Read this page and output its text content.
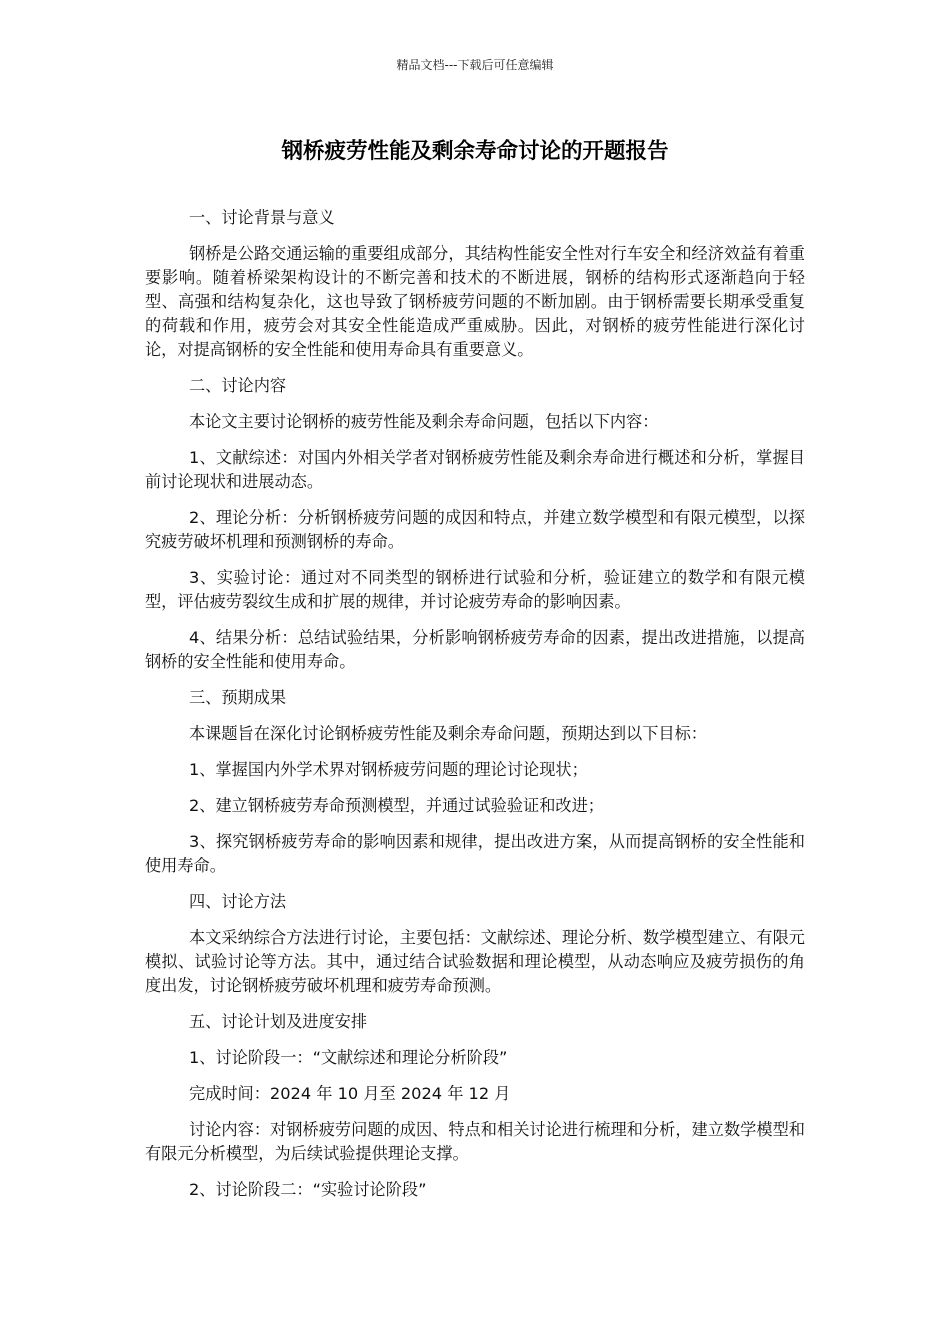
精品文档---下载后可任意编辑
钢桥疲劳性能及剩余寿命讨论的开题报告

一、讨论背景与意义

钢桥是公路交通运输的重要组成部分，其结构性能安全性对行车安全和经济效益有着重要影响。随着桥梁架构设计的不断完善和技术的不断进展，钢桥的结构形式逐渐趋向于轻型、高强和结构复杂化，这也导致了钢桥疲劳问题的不断加剧。由于钢桥需要长期承受重复的荷载和作用，疲劳会对其安全性能造成严重威胁。因此，对钢桥的疲劳性能进行深化讨论，对提高钢桥的安全性能和使用寿命具有重要意义。

二、讨论内容

本论文主要讨论钢桥的疲劳性能及剩余寿命问题，包括以下内容：

1、文献综述：对国内外相关学者对钢桥疲劳性能及剩余寿命进行概述和分析，掌握目前讨论现状和进展动态。

2、理论分析：分析钢桥疲劳问题的成因和特点，并建立数学模型和有限元模型，以探究疲劳破坏机理和预测钢桥的寿命。

3、实验讨论：通过对不同类型的钢桥进行试验和分析，验证建立的数学和有限元模型，评估疲劳裂纹生成和扩展的规律，并讨论疲劳寿命的影响因素。

4、结果分析：总结试验结果，分析影响钢桥疲劳寿命的因素，提出改进措施，以提高钢桥的安全性能和使用寿命。

三、预期成果

本课题旨在深化讨论钢桥疲劳性能及剩余寿命问题，预期达到以下目标：

1、掌握国内外学术界对钢桥疲劳问题的理论讨论现状；

2、建立钢桥疲劳寿命预测模型，并通过试验验证和改进；

3、探究钢桥疲劳寿命的影响因素和规律，提出改进方案，从而提高钢桥的安全性能和使用寿命。

四、讨论方法

本文采纳综合方法进行讨论，主要包括：文献综述、理论分析、数学模型建立、有限元模拟、试验讨论等方法。其中，通过结合试验数据和理论模型，从动态响应及疲劳损伤的角度出发，讨论钢桥疲劳破坏机理和疲劳寿命预测。

五、讨论计划及进度安排

1、讨论阶段一：“文献综述和理论分析阶段”

完成时间：2024 年 10 月至 2024 年 12 月

讨论内容：对钢桥疲劳问题的成因、特点和相关讨论进行梳理和分析，建立数学模型和有限元分析模型，为后续试验提供理论支撑。

2、讨论阶段二：“实验讨论阶段”
